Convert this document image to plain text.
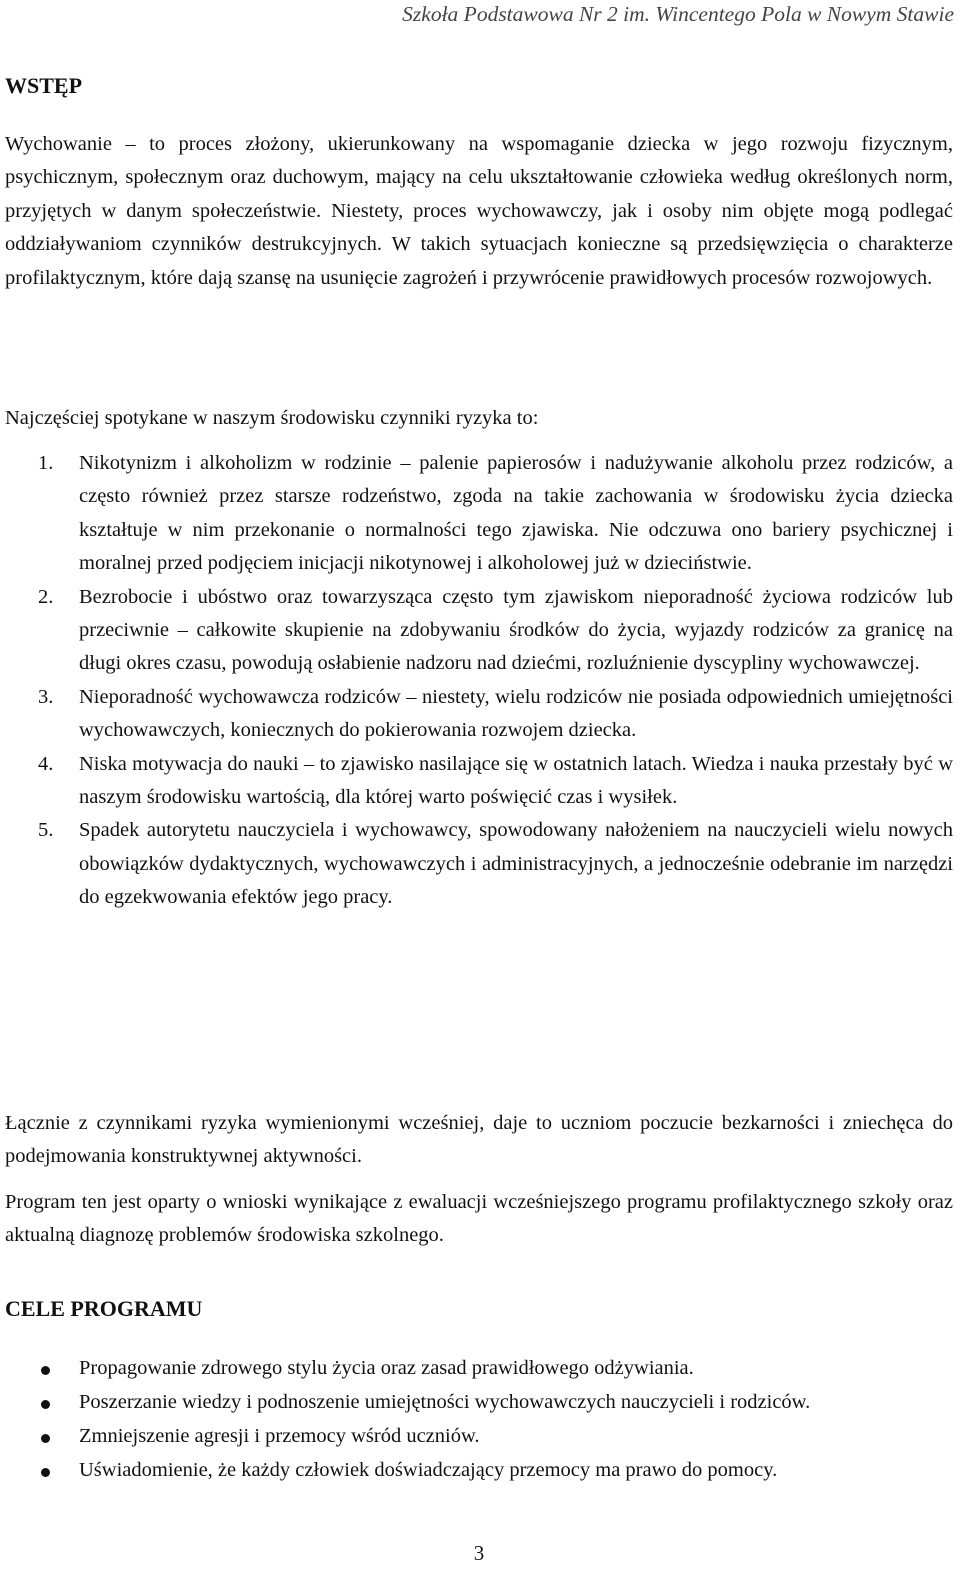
Szkoła Podstawowa Nr 2 im. Wincentego Pola w Nowym Stawie
WSTĘP

Wychowanie – to proces złożony, ukierunkowany na wspomaganie dziecka w jego rozwoju fizycznym, psychicznym, społecznym oraz duchowym, mający na celu ukształtowanie człowieka według określonych norm, przyjętych w danym społeczeństwie. Niestety, proces wychowawczy, jak i osoby nim objęte mogą podlegać oddziaływaniom czynników destrukcyjnych. W takich sytuacjach konieczne są przedsięwzięcia o charakterze profilaktycznym, które dają szansę na usunięcie zagrożeń i przywrócenie prawidłowych procesów rozwojowych.

Najczęściej spotykane w naszym środowisku czynniki ryzyka to:

1. Nikotynizm i alkoholizm w rodzinie – palenie papierosów i nadużywanie alkoholu przez rodziców, a często również przez starsze rodzeństwo, zgoda na takie zachowania w środowisku życia dziecka kształtuje w nim przekonanie o normalności tego zjawiska. Nie odczuwa ono bariery psychicznej i moralnej przed podjęciem inicjacji nikotynowej i alkoholowej już w dzieciństwie.
2. Bezrobocie i ubóstwo oraz towarzysząca często tym zjawiskom nieporadność życiowa rodziców lub przeciwnie – całkowite skupienie na zdobywaniu środków do życia, wyjazdy rodziców za granicę na długi okres czasu, powodują osłabienie nadzoru nad dziećmi, rozluźnienie dyscypliny wychowawczej.
3. Nieporadność wychowawcza rodziców – niestety, wielu rodziców nie posiada odpowiednich umiejętności wychowawczych, koniecznych do pokierowania rozwojem dziecka.
4. Niska motywacja do nauki – to zjawisko nasilające się w ostatnich latach. Wiedza i nauka przestały być w naszym środowisku wartością, dla której warto poświęcić czas i wysiłek.
5. Spadek autorytetu nauczyciela i wychowawcy, spowodowany nałożeniem na nauczycieli wielu nowych obowiązków dydaktycznych, wychowawczych i administracyjnych, a jednocześnie odebranie im narzędzi do egzekwowania efektów jego pracy.

Łącznie z czynnikami ryzyka wymienionymi wcześniej, daje to uczniom poczucie bezkarności i zniechęca do podejmowania konstruktywnej aktywności.

Program ten jest oparty o wnioski wynikające z ewaluacji wcześniejszego programu profilaktycznego szkoły oraz aktualną diagnozę problemów środowiska szkolnego.

CELE PROGRAMU
Propagowanie zdrowego stylu życia oraz zasad prawidłowego odżywiania.
Poszerzanie wiedzy i podnoszenie umiejętności wychowawczych nauczycieli i rodziców.
Zmniejszenie agresji i przemocy wśród uczniów.
Uświadomienie, że każdy człowiek doświadczający przemocy ma prawo do pomocy.
3
